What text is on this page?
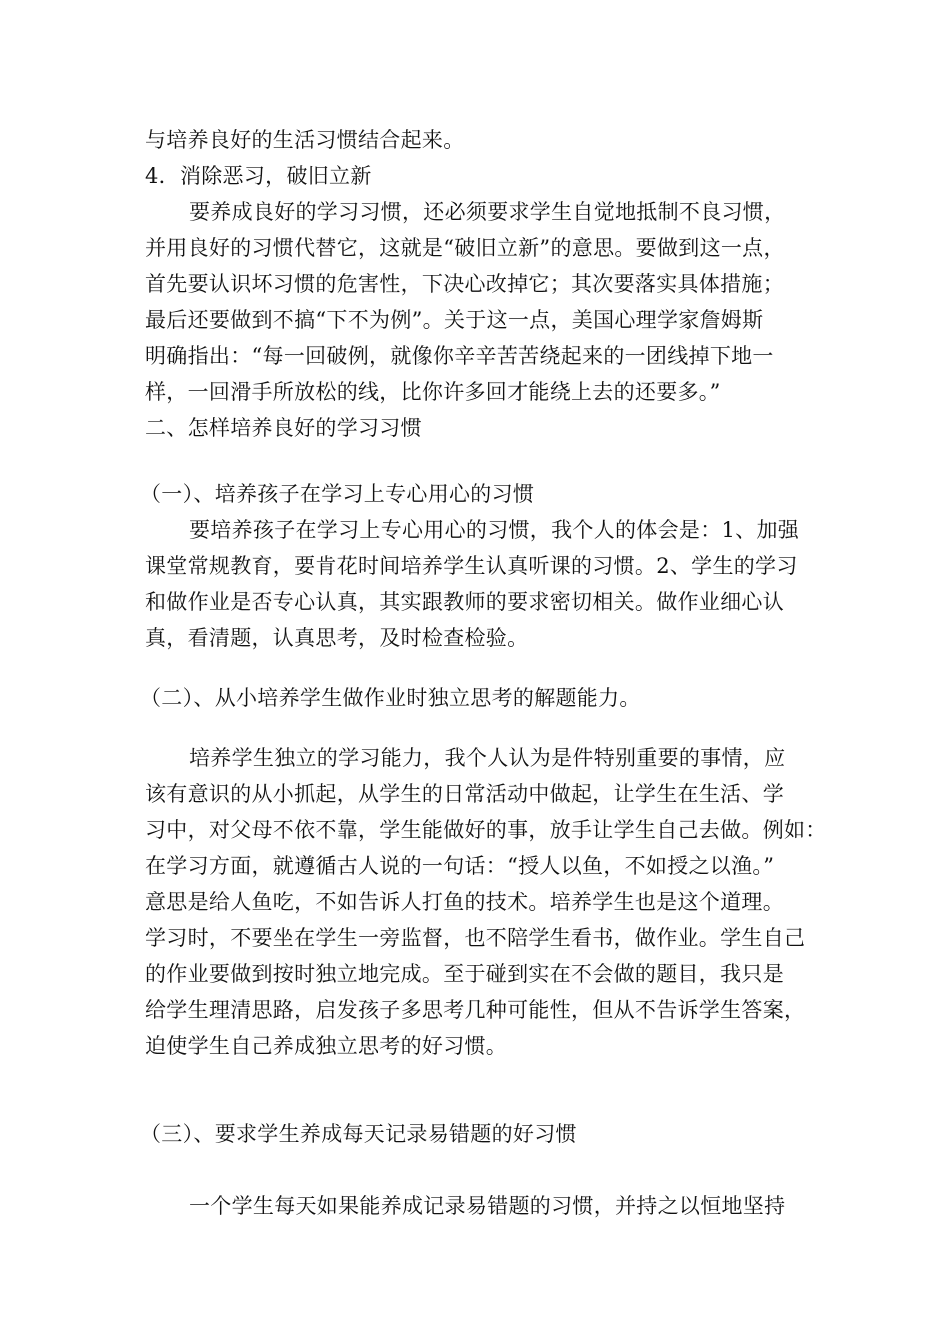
与培养良好的生活习惯结合起来。
4．消除恶习，破旧立新
要养成良好的学习习惯，还必须要求学生自觉地抵制不良习惯，
并用良好的习惯代替它，这就是“破旧立新”的意思。要做到这一点，
首先要认识坏习惯的危害性，下决心改掉它；其次要落实具体措施；
最后还要做到不搞“下不为例”。关于这一点，美国心理学家詹姆斯
明确指出：“每一回破例，就像你辛辛苦苦绕起来的一团线掉下地一
样，一回滑手所放松的线，比你许多回才能绕上去的还要多。”
二、怎样培养良好的学习习惯
（一）、培养孩子在学习上专心用心的习惯
要培养孩子在学习上专心用心的习惯，我个人的体会是：1、加强
课堂常规教育，要肯花时间培养学生认真听课的习惯。2、学生的学习
和做作业是否专心认真，其实跟教师的要求密切相关。做作业细心认
真，看清题，认真思考，及时检查检验。
（二）、从小培养学生做作业时独立思考的解题能力。
培养学生独立的学习能力，我个人认为是件特别重要的事情，应
该有意识的从小抓起，从学生的日常活动中做起，让学生在生活、学
习中，对父母不依不靠，学生能做好的事，放手让学生自己去做。例如：
在学习方面，就遵循古人说的一句话：“授人以鱼，不如授之以渔。”
意思是给人鱼吃，不如告诉人打鱼的技术。培养学生也是这个道理。
学习时，不要坐在学生一旁监督，也不陪学生看书，做作业。学生自己
的作业要做到按时独立地完成。至于碰到实在不会做的题目，我只是
给学生理清思路，启发孩子多思考几种可能性，但从不告诉学生答案，
迫使学生自己养成独立思考的好习惯。
（三）、要求学生养成每天记录易错题的好习惯
一个学生每天如果能养成记录易错题的习惯，并持之以恒地坚持
